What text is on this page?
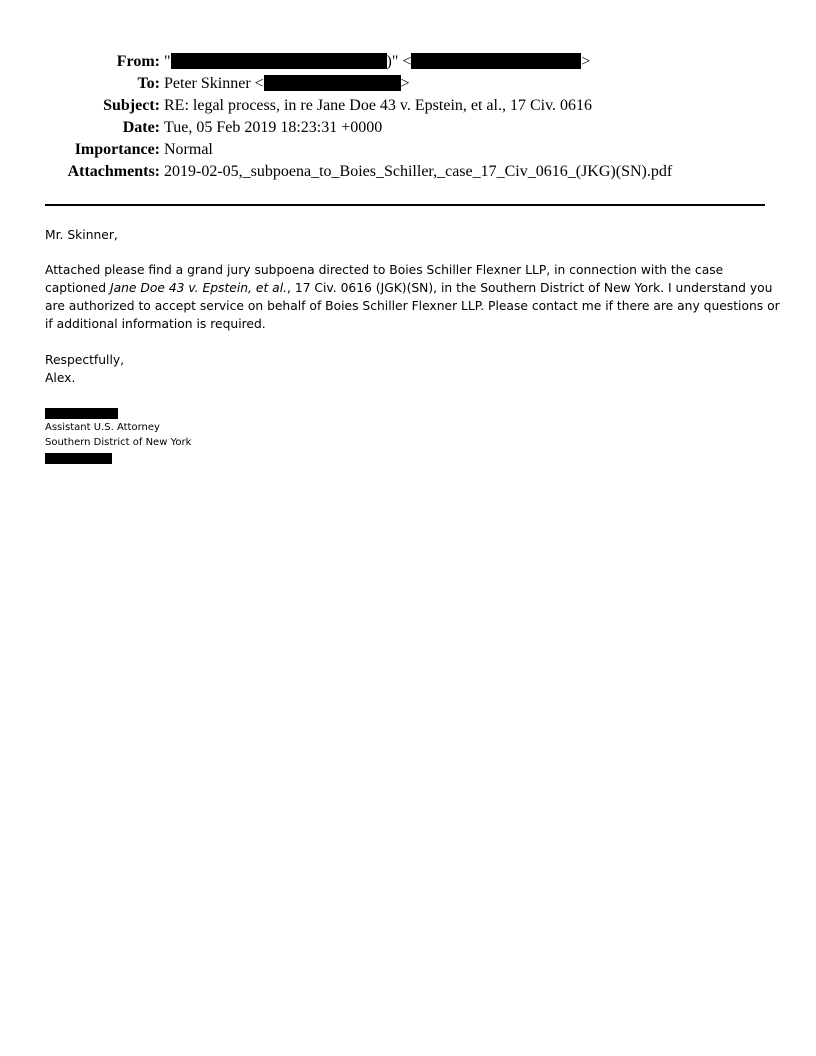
From: "	)" <	>
To: Peter Skinner <	>
Subject: RE: legal process, in re Jane Doe 43 v. Epstein, et al., 17 Civ. 0616
Date: Tue, 05 Feb 2019 18:23:31 +0000
Importance: Normal
Attachments: 2019-02-05,_subpoena_to_Boies_Schiller,_case_17_Civ_0616_(JKG)(SN).pdf
Mr. Skinner,
Attached please find a grand jury subpoena directed to Boies Schiller Flexner LLP, in connection with the case captioned Jane Doe 43 v. Epstein, et al., 17 Civ. 0616 (JGK)(SN), in the Southern District of New York. I understand you are authorized to accept service on behalf of Boies Schiller Flexner LLP. Please contact me if there are any questions or if additional information is required.
Respectfully,
Alex.
Assistant U.S. Attorney
Southern District of New York
